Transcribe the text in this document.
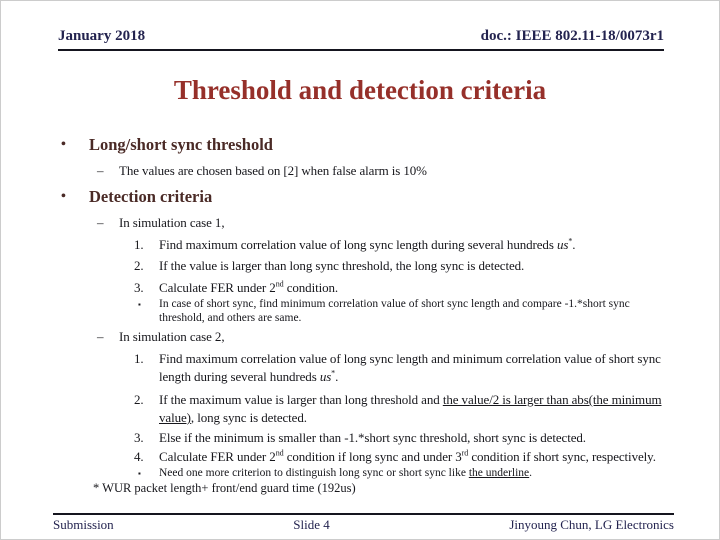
January 2018	doc.: IEEE 802.11-18/0073r1
Threshold and detection criteria
•	Long/short sync threshold
–	The values are chosen based on [2] when false alarm is 10%
•	Detection criteria
–	In simulation case 1,
1.	Find maximum correlation value of long sync length during several hundreds us*.
2.	If the value is larger than long sync threshold, the long sync is detected.
3.	Calculate FER under 2nd condition.
▪	In case of short sync, find minimum correlation value of short sync length and compare -1.*short sync threshold, and others are same.
–	In simulation case 2,
1.	Find maximum correlation value of long sync length and minimum correlation value of short sync length during several hundreds us*.
2.	If the maximum value is larger than long threshold and the value/2 is larger than abs(the minimum value), long sync is detected.
3.	Else if the minimum is smaller than -1.*short sync threshold, short sync is detected.
4.	Calculate FER under 2nd condition if long sync and under 3rd condition if short sync, respectively.
▪	Need one more criterion to distinguish long sync or short sync like the underline.
* WUR packet length+ front/end guard time (192us)
Submission	Slide 4	Jinyoung Chun, LG Electronics
